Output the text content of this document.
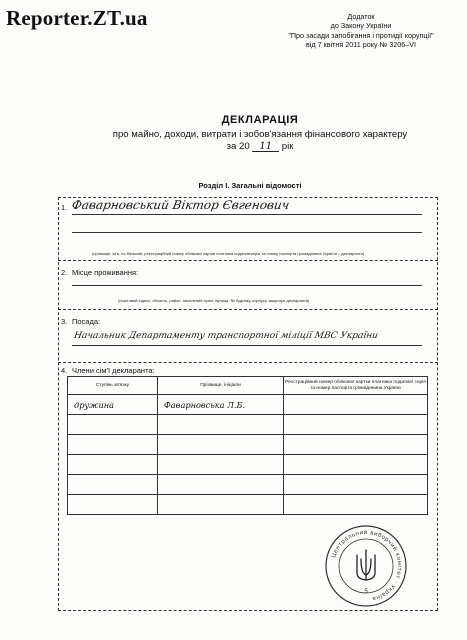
Reporter.ZT.ua	Додаток
до Закону України
"Про засади запобігання і протидії корупції"
від 7 квітня 2011 року № 3206–VI
ДЕКЛАРАЦІЯ
про майно, доходи, витрати і зобов'язання фінансового характеру
за 20 11 рік
Розділ І. Загальні відомості
1. Фаварновський Віктор Євгенович
(прізвище, ім'я, по батькові, реєстраційний номер облікової картки платника податків/серія та номер паспорта громадянина України – декларанта)
2. Місце проживання:
(поштовий індекс, область, район, населений пункт, вулиця, № будинку, корпусу, квартири декларанта)
3. Посада:
Начальник Департаменту транспортної міліції МВС України
4. Члени сім'ї декларанта:
Ступінь зв'язку	Прізвище, ініціали	Реєстраційний номер облікової картки платника податків/ серія та номер паспорта громадянина України
дружина	Фаварновська Л.Б.	

Центральний виборчий комітет · Україна
5
